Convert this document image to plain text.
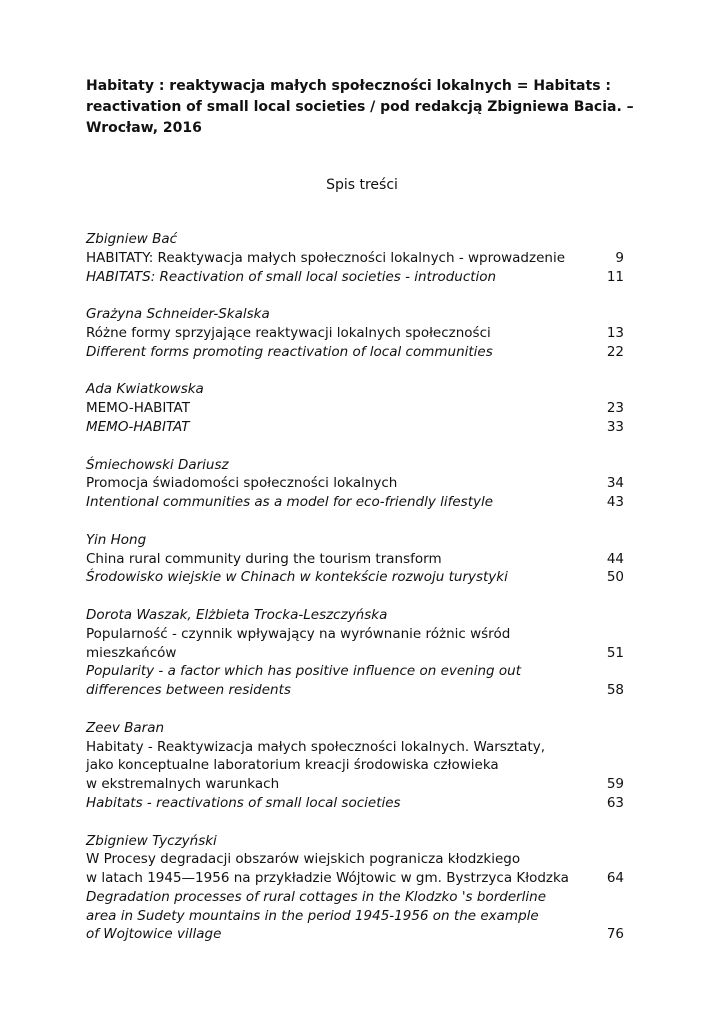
Habitaty : reaktywacja małych społeczności lokalnych = Habitats :
reactivation of small local societies / pod redakcją Zbigniewa Bacia. –
Wrocław, 2016
Spis treści
Zbigniew Bać
HABITATY: Reaktywacja małych społeczności lokalnych - wprowadzenie	9
HABITATS: Reactivation of small local societies - introduction	11
Grażyna Schneider-Skalska
Różne formy sprzyjające reaktywacji lokalnych społeczności	13
Different forms promoting reactivation of local communities	22
Ada Kwiatkowska
MEMO-HABITAT	23
MEMO-HABITAT	33
Śmiechowski Dariusz
Promocja świadomości społeczności lokalnych	34
Intentional communities as a model for eco-friendly lifestyle	43
Yin Hong
China rural community during the tourism transform	44
Środowisko wiejskie w Chinach w kontekście rozwoju turystyki	50
Dorota Waszak, Elżbieta Trocka-Leszczyńska
Popularność - czynnik wpływający na wyrównanie różnic wśród
mieszkańców	51
Popularity - a factor which has positive influence on evening out
differences between residents	58
Zeev Baran
Habitaty - Reaktywizacja małych społeczności lokalnych. Warsztaty,
jako konceptualne laboratorium kreacji środowiska człowieka
w ekstremalnych warunkach	59
Habitats - reactivations of small local societies	63
Zbigniew Tyczyński
W Procesy degradacji obszarów wiejskich pogranicza kłodzkiego
w latach 1945—1956 na przykładzie Wójtowic w gm. Bystrzyca Kłodzka	64
Degradation processes of rural cottages in the Klodzko 's borderline
area in Sudety mountains in the period 1945-1956 on the example
of Wojtowice village	76
